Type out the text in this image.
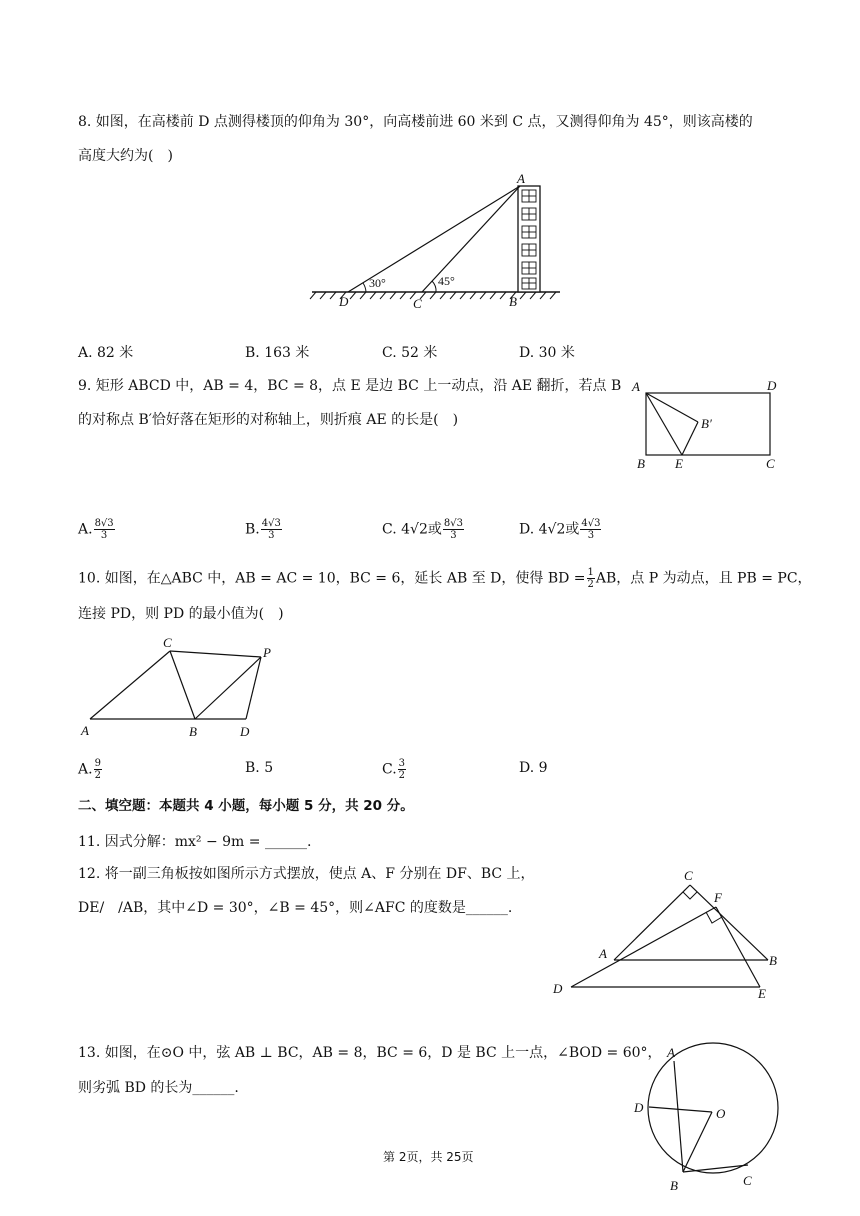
8. 如图，在高楼前 D 点测得楼顶的仰角为 30°，向高楼前进 60 米到 C 点，又测得仰角为 45°，则该高楼的
高度大约为(　)
A
B
C
D
30°	45°
A. 82 米	B. 163 米	C. 52 米	D. 30 米
9. 矩形 ABCD 中，AB = 4，BC = 8，点 E 是边 BC 上一动点，沿 AE 翻折，若点 B
的对称点 B′恰好落在矩形的对称轴上，则折痕 AE 的长是(　)
A	D
B E	C
B′
A. $\frac{8√3}{3}$	B. $\frac{4√3}{3}$	C. 4√2或 $\frac{8√3}{3}$	D. 4√2或 $\frac{4√3}{3}$
10. 如图，在△ABC 中，AB = AC = 10，BC = 6，延长 AB 至 D，使得 BD = $\frac{1}{2}$ AB，点 P 为动点，且 PB = PC，
连接 PD，则 PD 的最小值为(　)
A	B
C
D
P
A. $\frac{9}{2}$	B. 5	C. $\frac{3}{2}$	D. 9
二、填空题：本题共 4 小题，每小题 5 分，共 20 分。
11. 因式分解：mx² − 9m = ______.
12. 将一副三角板按如图所示方式摆放，使点 A、F 分别在 DF、BC 上，
DE/　/AB，其中∠D = 30°，∠B = 45°，则∠AFC 的度数是______.
C
F
A	B
D	E
13. 如图，在⊙O 中，弦 AB ⊥ BC，AB = 8，BC = 6，D 是 BC 上一点，∠BOD = 60°，
则劣弧 BD 的长为______.
A
D	O
B	C
第 2页，共 25页
